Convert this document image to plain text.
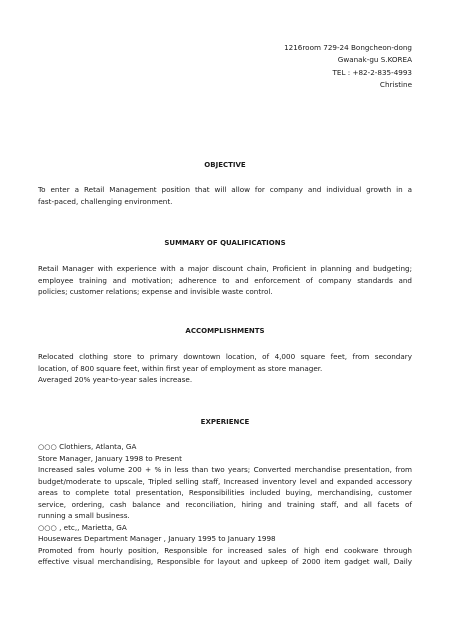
1216room 729-24 Bongcheon-dong
Gwanak-gu S.KOREA
TEL : +82-2-835-4993
Christine
OBJECTIVE
To enter a Retail Management position that will allow for company and individual growth in a
fast-paced, challenging environment.
SUMMARY OF QUALIFICATIONS
Retail Manager with experience with a major discount chain, Proficient in planning and budgeting;
employee training and motivation; adherence to and enforcement of company standards and
policies; customer relations; expense and invisible waste control.
ACCOMPLISHMENTS
Relocated clothing store to primary downtown location, of 4,000 square feet, from secondary
location, of 800 square feet, within first year of employment as store manager.
Averaged 20% year-to-year sales increase.
EXPERIENCE
○○○ Clothiers, Atlanta, GA
Store Manager, January 1998 to Present
Increased sales volume 200 + % in less than two years; Converted merchandise presentation, from
budget/moderate to upscale, Tripled selling staff, Increased inventory level and expanded accessory
areas to complete total presentation, Responsibilities included buying, merchandising, customer
service, ordering, cash balance and reconciliation, hiring and training staff, and all facets of
running a small business.
○○○ , etc,, Marietta, GA
Housewares Department Manager , January 1995 to January 1998
Promoted from hourly position, Responsible for increased sales of high end cookware through
effective visual merchandising, Responsible for layout and upkeep of 2000 item gadget wall, Daily
